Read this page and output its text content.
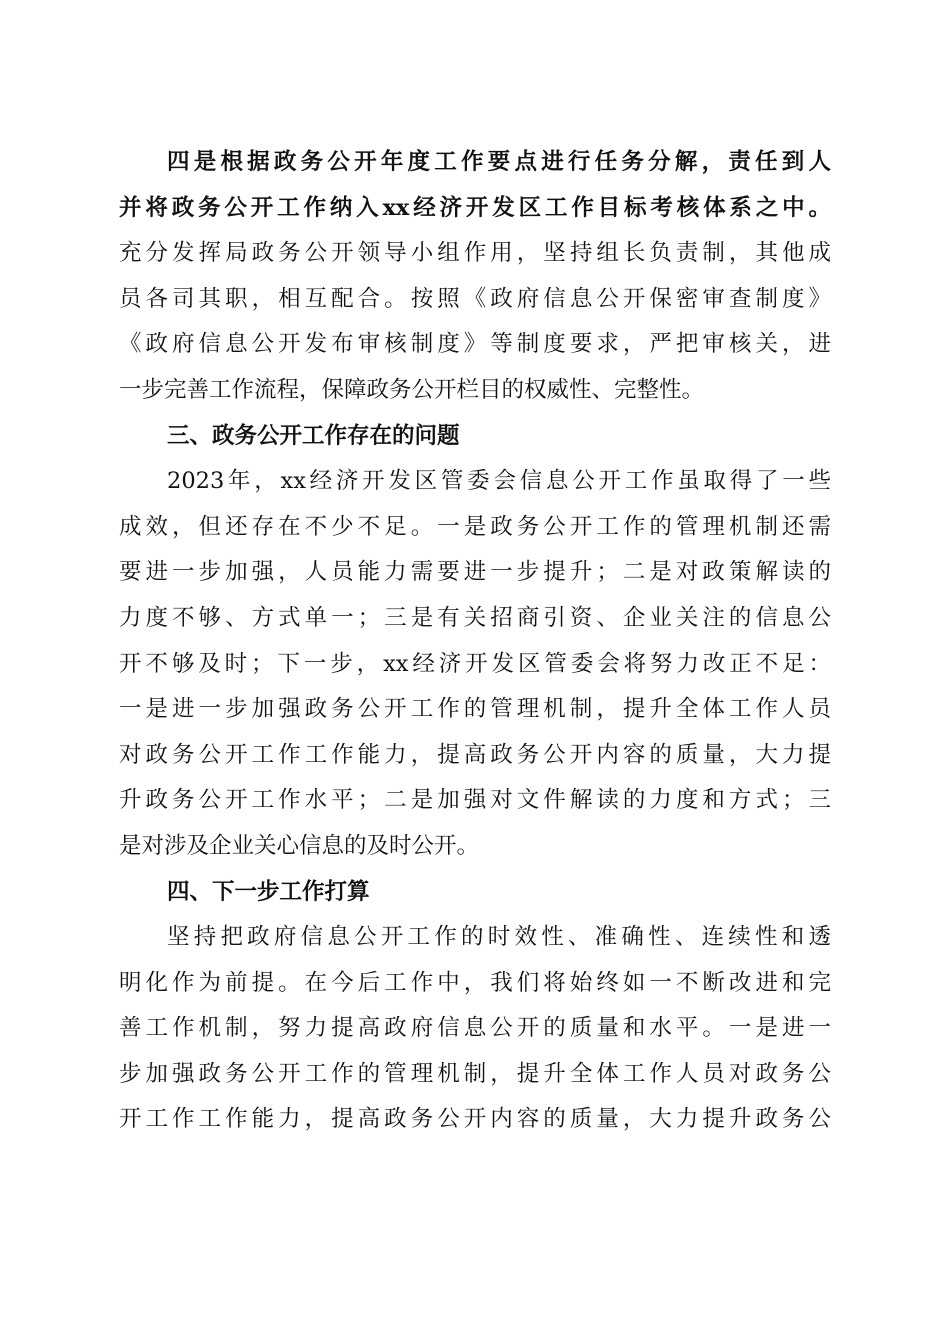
四是根据政务公开年度工作要点进行任务分解，责任到人
并将政务公开工作纳入xx经济开发区工作目标考核体系之中。
充分发挥局政务公开领导小组作用，坚持组长负责制，其他成
员各司其职，相互配合。按照《政府信息公开保密审查制度》
《政府信息公开发布审核制度》等制度要求，严把审核关，进
一步完善工作流程，保障政务公开栏目的权威性、完整性。
三、政务公开工作存在的问题
2023年，xx经济开发区管委会信息公开工作虽取得了一些
成效，但还存在不少不足。一是政务公开工作的管理机制还需
要进一步加强，人员能力需要进一步提升；二是对政策解读的
力度不够、方式单一；三是有关招商引资、企业关注的信息公
开不够及时；下一步，xx经济开发区管委会将努力改正不足：
一是进一步加强政务公开工作的管理机制，提升全体工作人员
对政务公开工作工作能力，提高政务公开内容的质量，大力提
升政务公开工作水平；二是加强对文件解读的力度和方式；三
是对涉及企业关心信息的及时公开。
四、下一步工作打算
坚持把政府信息公开工作的时效性、准确性、连续性和透
明化作为前提。在今后工作中，我们将始终如一不断改进和完
善工作机制，努力提高政府信息公开的质量和水平。一是进一
步加强政务公开工作的管理机制，提升全体工作人员对政务公
开工作工作能力，提高政务公开内容的质量，大力提升政务公
